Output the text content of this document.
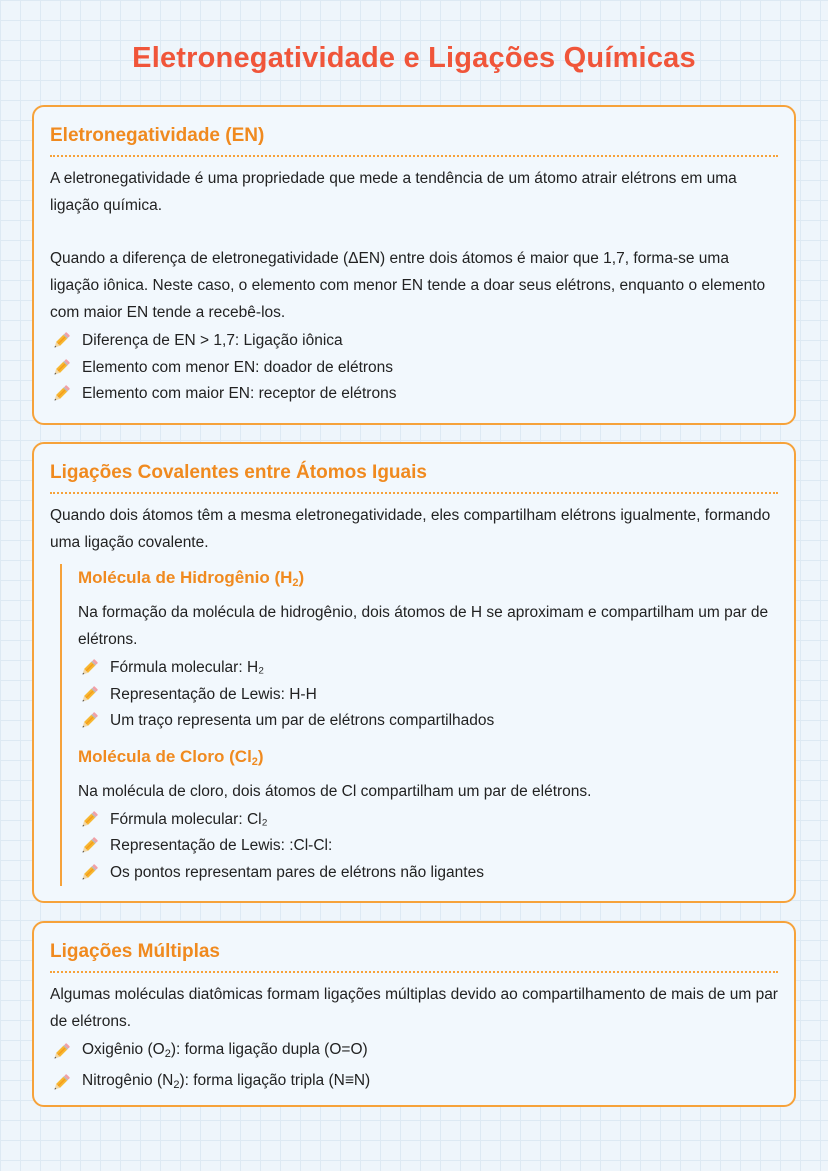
Eletronegatividade e Ligações Químicas
Eletronegatividade (EN)

A eletronegatividade é uma propriedade que mede a tendência de um átomo atrair elétrons em uma ligação química.

Quando a diferença de eletronegatividade (ΔEN) entre dois átomos é maior que 1,7, forma-se uma ligação iônica. Neste caso, o elemento com menor EN tende a doar seus elétrons, enquanto o elemento com maior EN tende a recebê-los.

Diferença de EN > 1,7: Ligação iônica
Elemento com menor EN: doador de elétrons
Elemento com maior EN: receptor de elétrons
Ligações Covalentes entre Átomos Iguais

Quando dois átomos têm a mesma eletronegatividade, eles compartilham elétrons igualmente, formando uma ligação covalente.

Molécula de Hidrogênio $(H_2)$

Na formação da molécula de hidrogênio, dois átomos de H se aproximam e compartilham um par de elétrons.

Fórmula molecular: H₂
Representação de Lewis: H-H
Um traço representa um par de elétrons compartilhados
Molécula de Cloro $(Cl_2)$

Na molécula de cloro, dois átomos de Cl compartilham um par de elétrons.

Fórmula molecular: Cl₂
Representação de Lewis: :Cl-Cl:
Os pontos representam pares de elétrons não ligantes
Ligações Múltiplas

Algumas moléculas diatômicas formam ligações múltiplas devido ao compartilhamento de mais de um par de elétrons.

Oxigênio $(O_2)$: forma ligação dupla (O=O)
Nitrogênio $(N_2)$: forma ligação tripla (N≡N)
